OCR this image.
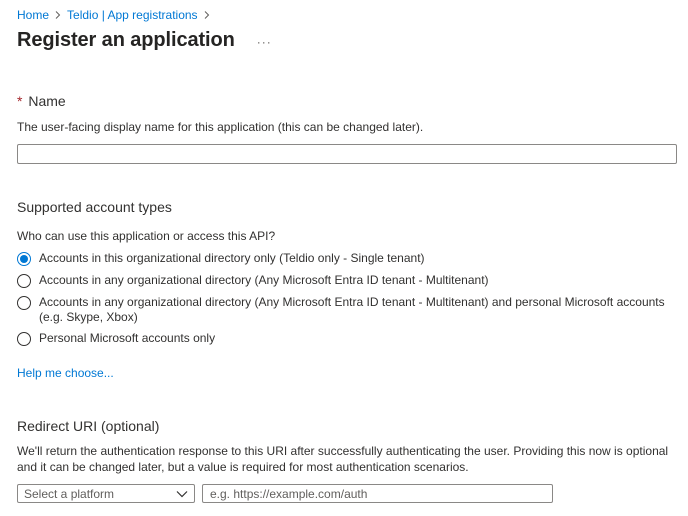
Home Teldio | App registrations
Register an application ···
* Name
The user-facing display name for this application (this can be changed later).
Supported account types
Who can use this application or access this API?
Accounts in this organizational directory only (Teldio only - Single tenant)
Accounts in any organizational directory (Any Microsoft Entra ID tenant - Multitenant)
Accounts in any organizational directory (Any Microsoft Entra ID tenant - Multitenant) and personal Microsoft accounts (e.g. Skype, Xbox)
Personal Microsoft accounts only
Help me choose...
Redirect URI (optional)
We'll return the authentication response to this URI after successfully authenticating the user. Providing this now is optional and it can be changed later, but a value is required for most authentication scenarios.
Select a platform
e.g. https://example.com/auth
